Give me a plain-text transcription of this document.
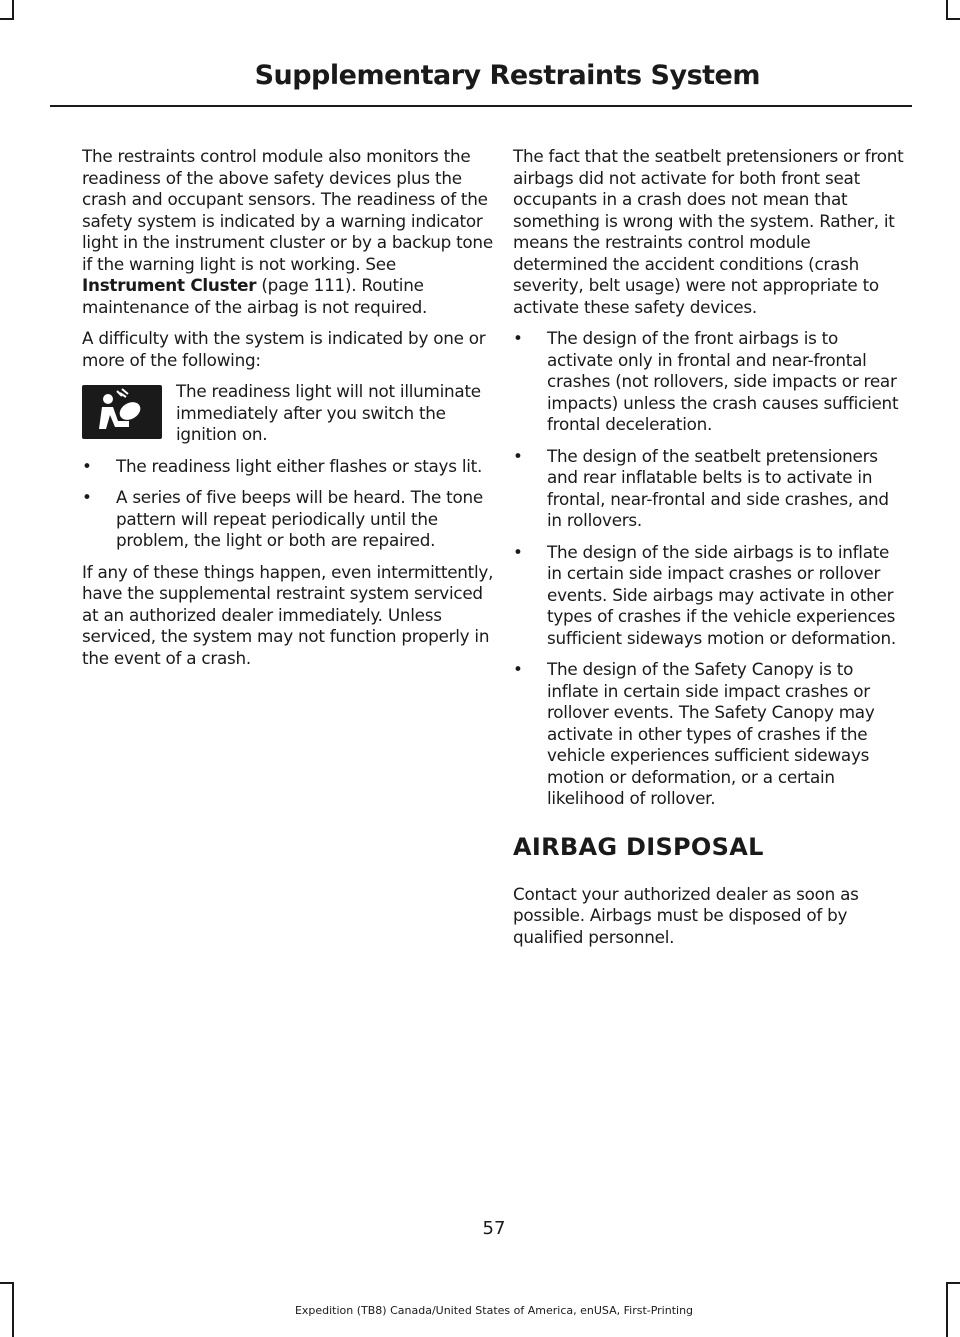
Supplementary Restraints System

The restraints control module also monitors the readiness of the above safety devices plus the crash and occupant sensors. The readiness of the safety system is indicated by a warning indicator light in the instrument cluster or by a backup tone if the warning light is not working. See Instrument Cluster (page 111). Routine maintenance of the airbag is not required.

A difficulty with the system is indicated by one or more of the following:

The readiness light will not illuminate immediately after you switch the ignition on.

• The readiness light either flashes or stays lit.
• A series of five beeps will be heard. The tone pattern will repeat periodically until the problem, the light or both are repaired.

If any of these things happen, even intermittently, have the supplemental restraint system serviced at an authorized dealer immediately. Unless serviced, the system may not function properly in the event of a crash.

The fact that the seatbelt pretensioners or front airbags did not activate for both front seat occupants in a crash does not mean that something is wrong with the system. Rather, it means the restraints control module determined the accident conditions (crash severity, belt usage) were not appropriate to activate these safety devices.

• The design of the front airbags is to activate only in frontal and near-frontal crashes (not rollovers, side impacts or rear impacts) unless the crash causes sufficient frontal deceleration.
• The design of the seatbelt pretensioners and rear inflatable belts is to activate in frontal, near-frontal and side crashes, and in rollovers.
• The design of the side airbags is to inflate in certain side impact crashes or rollover events. Side airbags may activate in other types of crashes if the vehicle experiences sufficient sideways motion or deformation.
• The design of the Safety Canopy is to inflate in certain side impact crashes or rollover events. The Safety Canopy may activate in other types of crashes if the vehicle experiences sufficient sideways motion or deformation, or a certain likelihood of rollover.
AIRBAG DISPOSAL

Contact your authorized dealer as soon as possible. Airbags must be disposed of by qualified personnel.

57
Expedition (TB8) Canada/United States of America, enUSA, First-Printing
